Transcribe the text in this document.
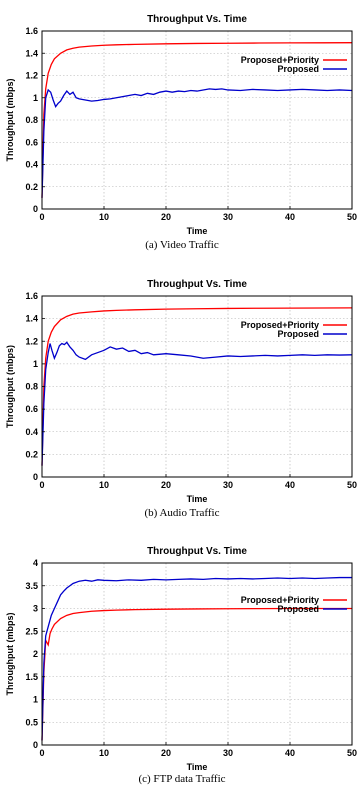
Throughput Vs. Time
0	10	20	30	40	50
0
0.2
0.4
0.6
0.8
1
1.2
1.4
1.6
Time
Throughput (mbps)
Proposed+Priority
Proposed
(a) Video Traffic
Throughput Vs. Time
0	10	20	30	40	50
0
0.2
0.4
0.6
0.8
1
1.2
1.4
1.6
Time
Throughput (mbps)
Proposed+Priority
Proposed
(b) Audio Traffic
Throughput Vs. Time
0	10	20	30	40	50
0
0.5
1
1.5
2
2.5
3
3.5
4
Time
Throughput (mbps)
Proposed+Priority
Proposed
(c) FTP data Traffic
